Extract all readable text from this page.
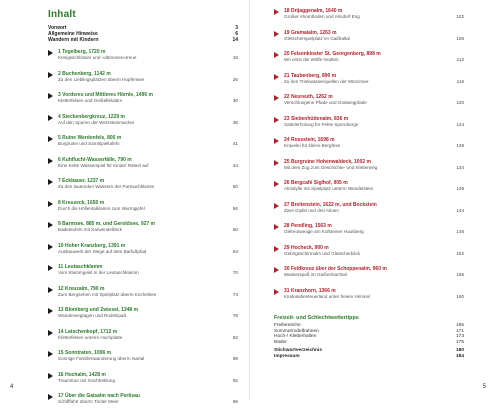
Inhalt
Vorwort	3
Allgemeine Hinweise	6
Wandern mit Kindern	14
1 Tegelberg, 1720 m
Königsschlösser und »dämonen«treue	16
2 Buchenberg, 1142 m
Zu den Lieblingsplätzen überm Hopfensee	26
3 Vorderes und Mittleres Hörnle, 1496 m
Kletterfelsen und Geißelfeldalm	30
4 Steckenbergkreuz, 1229 m
Auf den Spuren der Wetzsteinmacher	36
5 Ruine Werdenfels, 800 m
Burgruine und Samtspieltafeln	41
6 Kuhflucht-Wasserfälle, 790 m
Eine Kette Wasserspiel für Kinder Rätsel auf	44
7 Eckbauer, 1237 m
Zu den lauernden Wassern der Partnachklamm	50
8 Kreuzeck, 1650 m
Durch die Höllentalklamm zum Wurmgipfel	56
9 Barmsee, 885 m, und Geroldsee, 927 m
Badeteufeln mit Karwendelblick	60
10 Hoher Kranzberg, 1391 m
Ausbauwerk der Stege auf dem Barfußpfad	64
11 Leutaschklamm
Vom Klammgeist in der Leutaschklamm	70
12 Kreuzalm, 790 m
Zum Bergsehen mit Spielplatz überm Kochelsee	74
13 Blomberg und Zwiesel, 1348 m
Wanderwegtagen und Rodelspaß	78
14 Latschenkopf, 1712 m
Kletterfelsen unterm Hochplatte	82
15 Sonntraten, 1096 m
Sonnige Familienwanderung überm Isartal	88
16 Hochalm, 1428 m
Traumtour mit Gachtreklung	92
17 Über die Gaisalm nach Pertisau
Schifffahrt überm Tiroler Meer	96
4
18 Drijaggenalm, 1640 m
Großer Ahornboden und Almdorf Eng	102
19 Gramaialm, 1263 m
Gletscherspielplatz im Gaißtaltal	106
20 Felsenkloster St. Georgenberg, 898 m
Wo einst die Wölfe heulten	112
21 Taubenberg, 890 m
Zu den Trinkwasserquellen der Münchner	116
22 Neureuth, 1262 m
Verschlungene Pfade und Gratwegpfade	120
23 Siebenhüttenalm, 836 m
Sattelerholung für Fehle Spornbergs	124
24 Rossstein, 1698 m
Kraxelei für kleine Bergfexe	129
25 Burgruine Hohenwaldeck, 1002 m
Mit dem Zug zum Geschichte- und Kletterweg	134
26 Bergcafé Siglhof, 905 m
Almidylle mit Spielplatz unterm Wendelstein	139
27 Breitenstein, 1622 m, und Bockstein
Zwei Gipfel und drei Almen	144
28 Pendling, 1563 m
Gefreutweage am Kufsteiner Hausberg	148
29 Hocheck, 900 m
Gebirgsschirmalm und Gletscherblick	152
30 Feldkreuz über der Schoppenalm, 960 m
Wasserspaß im Gießenbachtal	156
31 Kranzhorn, 1366 m
Kindesabenteuerland unter freiem Himmel	160
Freizeit- und Schlechtwettertipps
Freibereiche	165
Sommerrodelbahnen	171
Hoch-/ Kletterhalten	173
Bäder	175
Stichwortverzeichnis	180
Impressum	184
5
